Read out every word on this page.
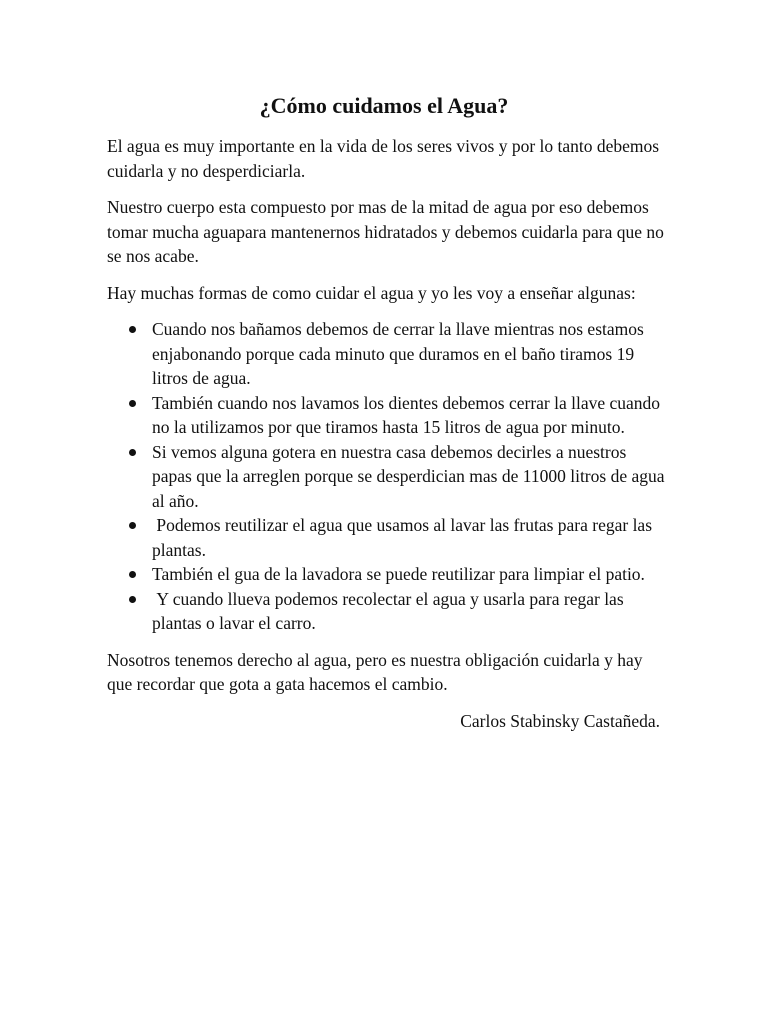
¿Cómo cuidamos el Agua?

El agua es muy importante en la vida de los seres vivos y por lo tanto debemos cuidarla y no desperdiciarla.

Nuestro cuerpo esta compuesto por mas de la mitad de agua por eso debemos tomar mucha aguapara mantenernos hidratados y debemos cuidarla para que no se nos acabe.

Hay muchas formas de como cuidar el agua y yo les voy a enseñar algunas:

Cuando nos bañamos debemos de cerrar la llave mientras nos estamos enjabonando porque cada minuto que duramos en el baño tiramos 19 litros de agua.
También cuando nos lavamos los dientes debemos cerrar la llave cuando no la utilizamos por que tiramos hasta 15 litros de agua por minuto.
Si vemos alguna gotera en nuestra casa debemos decirles a nuestros papas que la arreglen porque se desperdician mas de 11000 litros de agua al año.
Podemos reutilizar el agua que usamos al lavar las frutas para regar las plantas.
También el gua de la lavadora se puede reutilizar para limpiar el patio.
Y cuando llueva podemos recolectar el agua y usarla para regar las plantas o lavar el carro.

Nosotros tenemos derecho al agua, pero es nuestra obligación cuidarla y hay que recordar que gota a gata hacemos el cambio.

Carlos Stabinsky Castañeda.
